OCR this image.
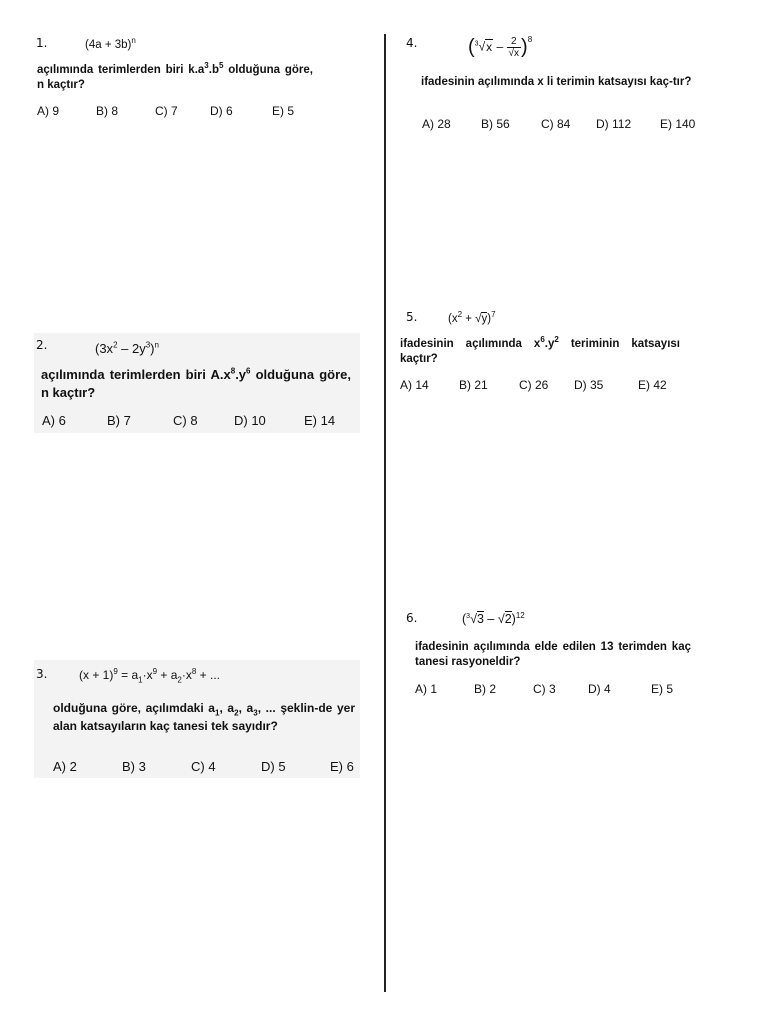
1.	$(4a + 3b)^n$
açılımında terimlerden biri $k.a^3.b^5$ olduğuna göre, n kaçtır?
A) 9	B) 8	C) 7	D) 6	E) 5
2.	$(3x^2 - 2y^3)^n$
açılımında terimlerden biri $A.x^8.y^6$ olduğuna göre, n kaçtır?
A) 6	B) 7	C) 8	D) 10	E) 14
3.	$(x + 1)^9 = a_1\cdot x^9 + a_2\cdot x^8$ + ...
olduğuna göre, açılımdaki $a_1$, $a_2$, $a_3$, ... şeklin-de yer alan katsayıların kaç tanesi tek sayıdır?
A) 2	B) 3	C) 4	D) 5	E) 6
4.	$(^3√x - \frac{2}{√x} )^8$
ifadesinin açılımında x li terimin katsayısı kaç-tır?
A) 28	B) 56	C) 84	D) 112	E) 140
5.	$(x^2 + √y)^7$
ifadesinin açılımında $x^6.y^2$ teriminin katsayısı kaçtır?
A) 14	B) 21	C) 26	D) 35	E) 42
6.	($^3$√3 – √2)$^{12}$
ifadesinin açılımında elde edilen 13 terimden kaç tanesi rasyoneldir?
A) 1	B) 2	C) 3	D) 4	E) 5
